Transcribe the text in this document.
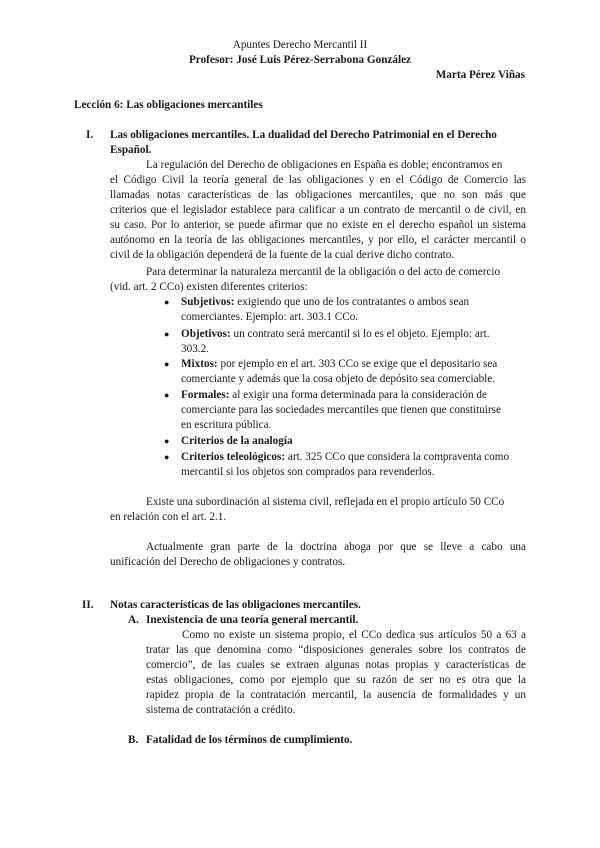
Apuntes Derecho Mercantil II
Profesor: José Luis Pérez-Serrabona González
Marta Pérez Viñas
Lección 6: Las obligaciones mercantiles
I. Las obligaciones mercantiles. La dualidad del Derecho Patrimonial en el Derecho
Español.
La regulación del Derecho de obligaciones en España es doble; encontramos en
el Código Civil la teoría general de las obligaciones y en el Código de Comercio las
llamadas notas características de las obligaciones mercantiles, que no son más que
criterios que el legislador establece para calificar a un contrato de mercantil o de civil, en
su caso. Por lo anterior, se puede afirmar que no existe en el derecho español un sistema
autónomo en la teoría de las obligaciones mercantiles, y por ello, el carácter mercantil o
civil de la obligación dependerá de la fuente de la cual derive dicho contrato.
Para determinar la naturaleza mercantil de la obligación o del acto de comercio
(vid. art. 2 CCo) existen diferentes criterios:
● Subjetivos: exigiendo que uno de los contratantes o ambos sean
comerciantes. Ejemplo: art. 303.1 CCo.
● Objetivos: un contrato será mercantil si lo es el objeto. Ejemplo: art.
303.2.
● Mixtos: por ejemplo en el art. 303 CCo se exige que el depositario sea
comerciante y además que la cosa objeto de depósito sea comerciable.
● Formales: al exigir una forma determinada para la consideración de
comerciante para las sociedades mercantiles que tienen que constituirse
en escritura pública.
● Criterios de la analogía
● Criterios teleológicos: art. 325 CCo que considera la compraventa como
mercantil si los objetos son comprados para revenderlos.
Existe una subordinación al sistema civil, reflejada en el propio artículo 50 CCo
en relación con el art. 2.1.
Actualmente gran parte de la doctrina aboga por que se lleve a cabo una
unificación del Derecho de obligaciones y contratos.
II. Notas características de las obligaciones mercantiles.
A. Inexistencia de una teoría general mercantil.
Como no existe un sistema propio, el CCo dedica sus artículos 50 a 63 a
tratar las que denomina como “disposiciones generales sobre los contratos de
comercio”, de las cuales se extraen algunas notas propias y características de
estas obligaciones, como por ejemplo que su razón de ser no es otra que la
rapidez propia de la contratación mercantil, la ausencia de formalidades y un
sistema de contratación a crédito.
B. Fatalidad de los términos de cumplimiento.
